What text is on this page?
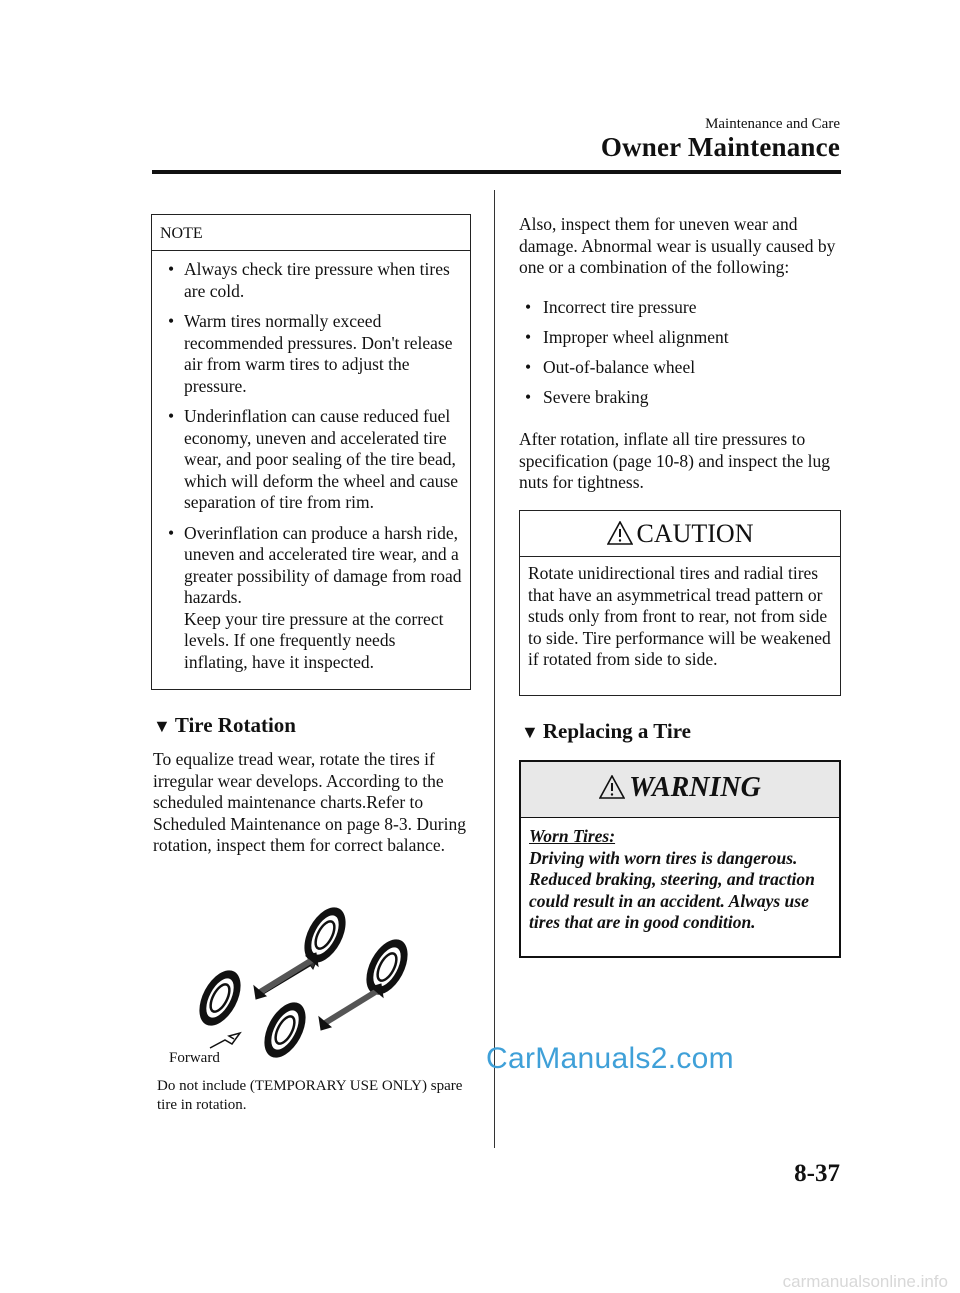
Maintenance and Care
Owner Maintenance
NOTE
• Always check tire pressure when tires are cold.
• Warm tires normally exceed recommended pressures. Don't release air from warm tires to adjust the pressure.
• Underinflation can cause reduced fuel economy, uneven and accelerated tire wear, and poor sealing of the tire bead, which will deform the wheel and cause separation of tire from rim.
• Overinflation can produce a harsh ride, uneven and accelerated tire wear, and a greater possibility of damage from road hazards.
Keep your tire pressure at the correct levels. If one frequently needs inflating, have it inspected.
▼ Tire Rotation
To equalize tread wear, rotate the tires if irregular wear develops. According to the scheduled maintenance charts.Refer to Scheduled Maintenance on page 8-3. During rotation, inspect them for correct balance.
Forward
Do not include (TEMPORARY USE ONLY) spare tire in rotation.
Also, inspect them for uneven wear and damage. Abnormal wear is usually caused by one or a combination of the following:
• Incorrect tire pressure
• Improper wheel alignment
• Out-of-balance wheel
• Severe braking
After rotation, inflate all tire pressures to specification (page 10-8) and inspect the lug nuts for tightness.
CAUTION
Rotate unidirectional tires and radial tires that have an asymmetrical tread pattern or studs only from front to rear, not from side to side. Tire performance will be weakened if rotated from side to side.
▼ Replacing a Tire
WARNING
Worn Tires:
Driving with worn tires is dangerous. Reduced braking, steering, and traction could result in an accident. Always use tires that are in good condition.
CarManuals2.com
8-37
carmanualsonline.info
